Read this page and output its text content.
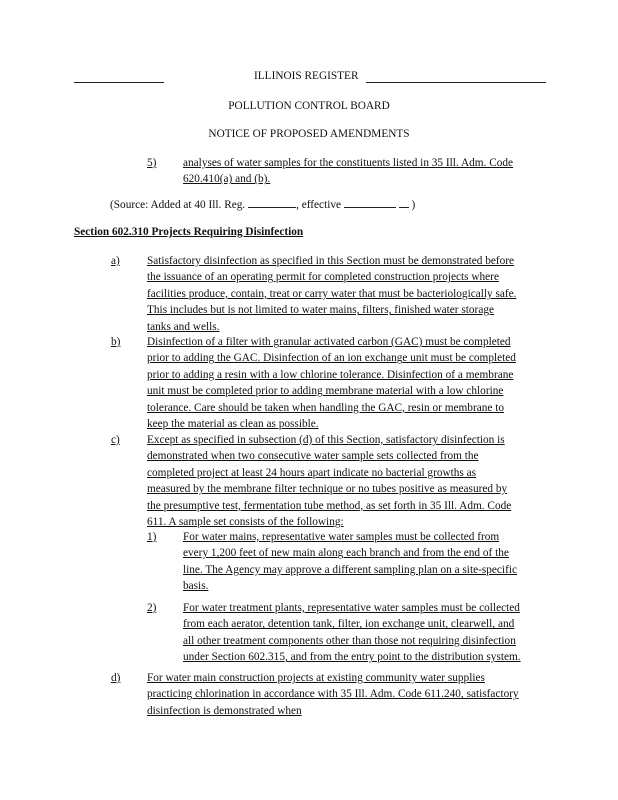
ILLINOIS REGISTER
POLLUTION CONTROL BOARD
NOTICE OF PROPOSED AMENDMENTS
5) analyses of water samples for the constituents listed in 35 Ill. Adm. Code
620.410(a) and (b).
(Source: Added at 40 Ill. Reg.	, effective	)
Section 602.310 Projects Requiring Disinfection
a) Satisfactory disinfection as specified in this Section must be demonstrated before
the issuance of an operating permit for completed construction projects where
facilities produce, contain, treat or carry water that must be bacteriologically safe.
This includes but is not limited to water mains, filters, finished water storage
tanks and wells.
b) Disinfection of a filter with granular activated carbon (GAC) must be completed
prior to adding the GAC. Disinfection of an ion exchange unit must be completed
prior to adding a resin with a low chlorine tolerance. Disinfection of a membrane
unit must be completed prior to adding membrane material with a low chlorine
tolerance. Care should be taken when handling the GAC, resin or membrane to
keep the material as clean as possible.
c) Except as specified in subsection (d) of this Section, satisfactory disinfection is
demonstrated when two consecutive water sample sets collected from the
completed project at least 24 hours apart indicate no bacterial growths as
measured by the membrane filter technique or no tubes positive as measured by
the presumptive test, fermentation tube method, as set forth in 35 Ill. Adm. Code
611. A sample set consists of the following:
1) For water mains, representative water samples must be collected from
every 1,200 feet of new main along each branch and from the end of the
line. The Agency may approve a different sampling plan on a site-specific
basis.
2) For water treatment plants, representative water samples must be collected
from each aerator, detention tank, filter, ion exchange unit, clearwell, and
all other treatment components other than those not requiring disinfection
under Section 602.315, and from the entry point to the distribution system.
d) For water main construction projects at existing community water supplies
practicing chlorination in accordance with 35 Ill. Adm. Code 611.240, satisfactory
disinfection is demonstrated when
